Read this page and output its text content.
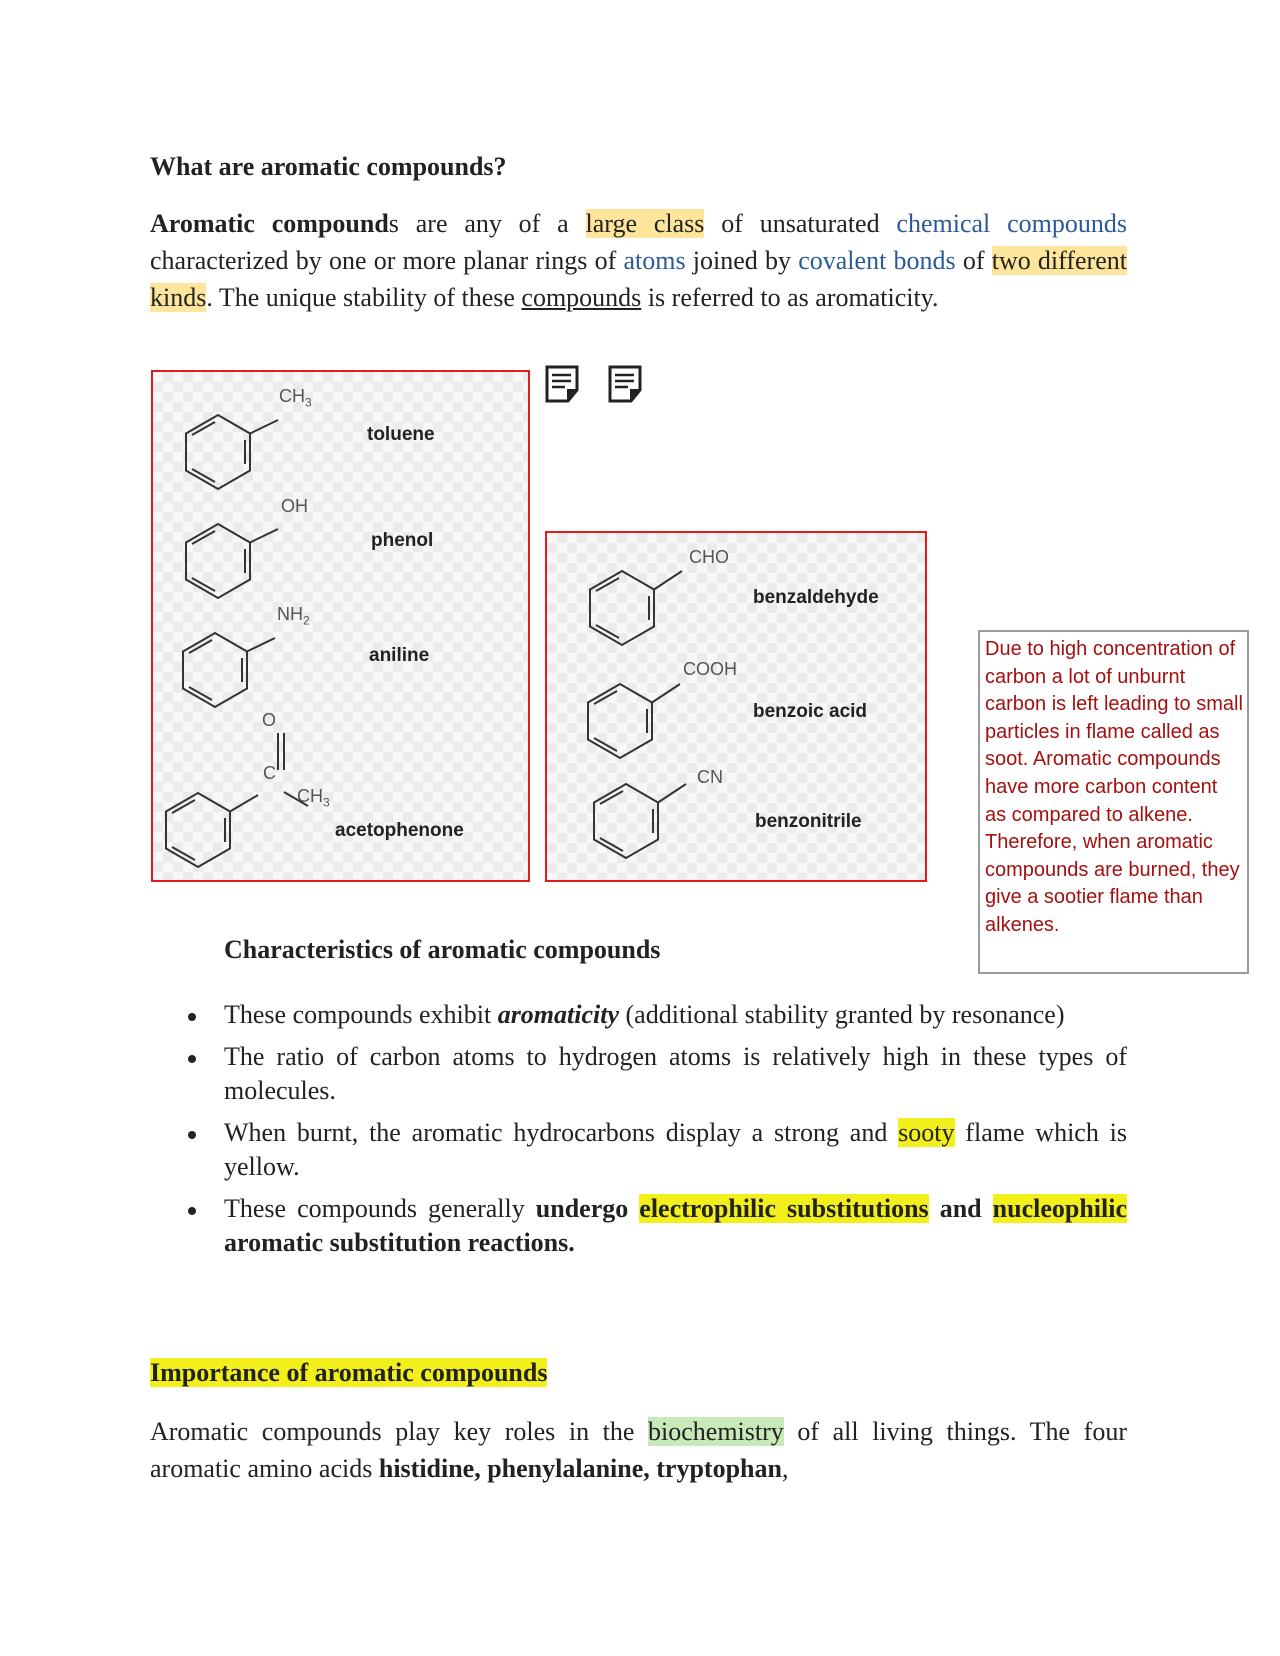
What are aromatic compounds?
Aromatic compounds are any of a large class of unsaturated chemical compounds characterized by one or more planar rings of atoms joined by covalent bonds of two different kinds. The unique stability of these compounds is referred to as aromaticity.
$CH_3$
toluene
OH
phenol
$NH_2$
aniline
O
C
$CH_3$
acetophenone
CHO
benzaldehyde
COOH
benzoic acid
CN
benzonitrile
Due to high concentration of carbon a lot of unburnt carbon is left leading to small particles in flame called as soot. Aromatic compounds have more carbon content as compared to alkene. Therefore, when aromatic compounds are burned, they give a sootier flame than alkenes.
Characteristics of aromatic compounds
These compounds exhibit aromaticity (additional stability granted by resonance)
The ratio of carbon atoms to hydrogen atoms is relatively high in these types of molecules.
When burnt, the aromatic hydrocarbons display a strong and sooty flame which is yellow.
These compounds generally undergo electrophilic substitutions and nucleophilic aromatic substitution reactions.
Importance of aromatic compounds
Aromatic compounds play key roles in the biochemistry of all living things. The four aromatic amino acids histidine, phenylalanine, tryptophan,
